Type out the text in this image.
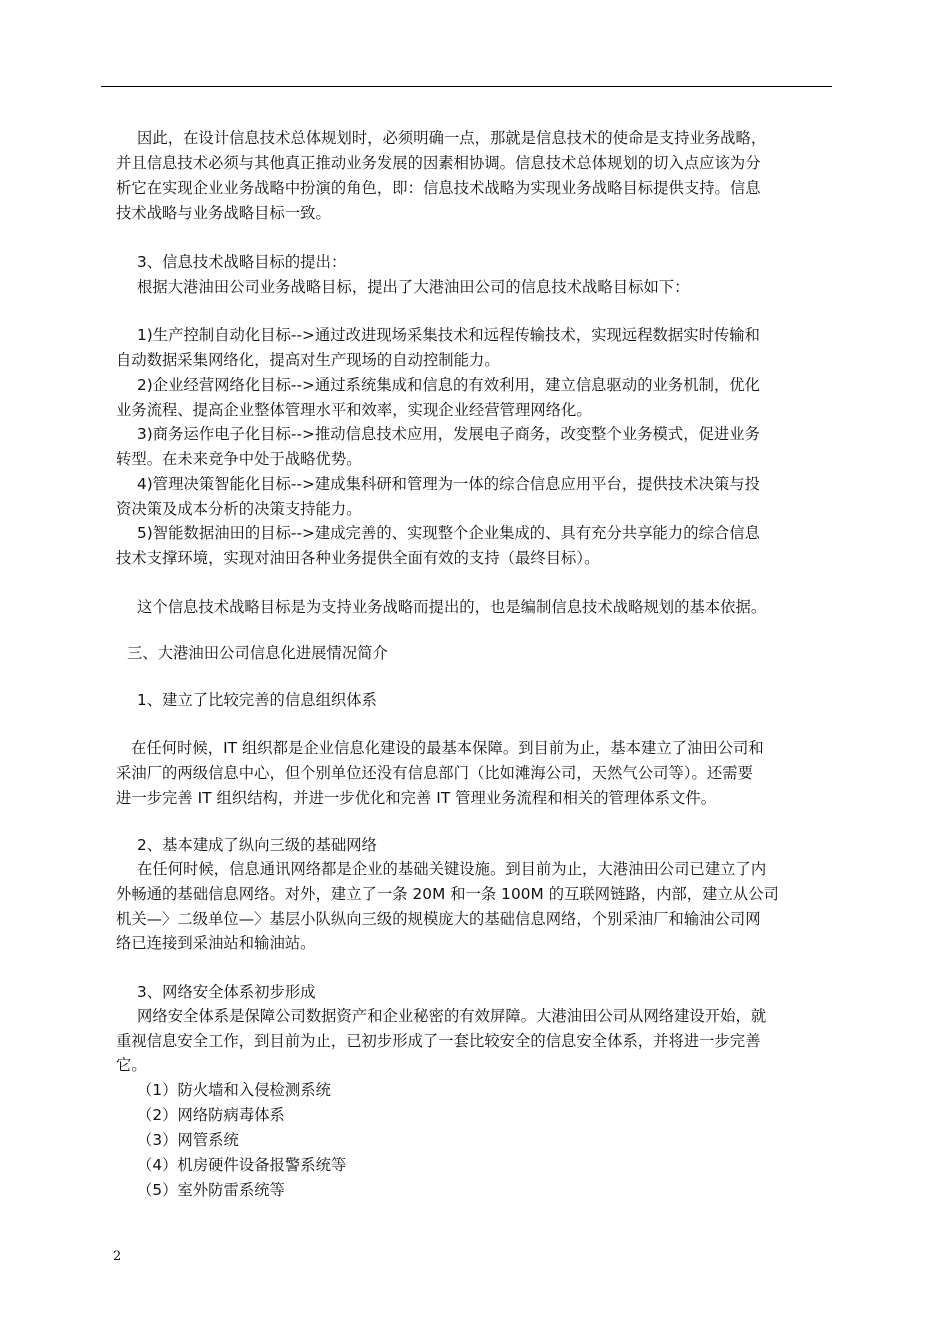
因此，在设计信息技术总体规划时，必须明确一点，那就是信息技术的使命是支持业务战略，
并且信息技术必须与其他真正推动业务发展的因素相协调。信息技术总体规划的切入点应该为分
析它在实现企业业务战略中扮演的角色，即：信息技术战略为实现业务战略目标提供支持。信息
技术战略与业务战略目标一致。
3、信息技术战略目标的提出：
根据大港油田公司业务战略目标，提出了大港油田公司的信息技术战略目标如下：
1)生产控制自动化目标-->通过改进现场采集技术和远程传输技术，实现远程数据实时传输和
自动数据采集网络化，提高对生产现场的自动控制能力。
2)企业经营网络化目标-->通过系统集成和信息的有效利用，建立信息驱动的业务机制，优化
业务流程、提高企业整体管理水平和效率，实现企业经营管理网络化。
3)商务运作电子化目标-->推动信息技术应用，发展电子商务，改变整个业务模式，促进业务
转型。在未来竞争中处于战略优势。
4)管理决策智能化目标-->建成集科研和管理为一体的综合信息应用平台，提供技术决策与投
资决策及成本分析的决策支持能力。
5)智能数据油田的目标-->建成完善的、实现整个企业集成的、具有充分共享能力的综合信息
技术支撑环境，实现对油田各种业务提供全面有效的支持（最终目标）。
这个信息技术战略目标是为支持业务战略而提出的，也是编制信息技术战略规划的基本依据。
三、大港油田公司信息化进展情况简介
1、建立了比较完善的信息组织体系
在任何时候，IT 组织都是企业信息化建设的最基本保障。到目前为止，基本建立了油田公司和
采油厂的两级信息中心，但个别单位还没有信息部门（比如滩海公司，天然气公司等）。还需要
进一步完善 IT 组织结构，并进一步优化和完善 IT 管理业务流程和相关的管理体系文件。
2、基本建成了纵向三级的基础网络
在任何时候，信息通讯网络都是企业的基础关键设施。到目前为止，大港油田公司已建立了内
外畅通的基础信息网络。对外，建立了一条 20M 和一条 100M 的互联网链路，内部，建立从公司
机关—〉二级单位—〉基层小队纵向三级的规模庞大的基础信息网络，个别采油厂和输油公司网
络已连接到采油站和输油站。
3、网络安全体系初步形成
网络安全体系是保障公司数据资产和企业秘密的有效屏障。大港油田公司从网络建设开始，就
重视信息安全工作，到目前为止，已初步形成了一套比较安全的信息安全体系，并将进一步完善
它。
（1）防火墙和入侵检测系统
（2）网络防病毒体系
（3）网管系统
（4）机房硬件设备报警系统等
（5）室外防雷系统等
2
